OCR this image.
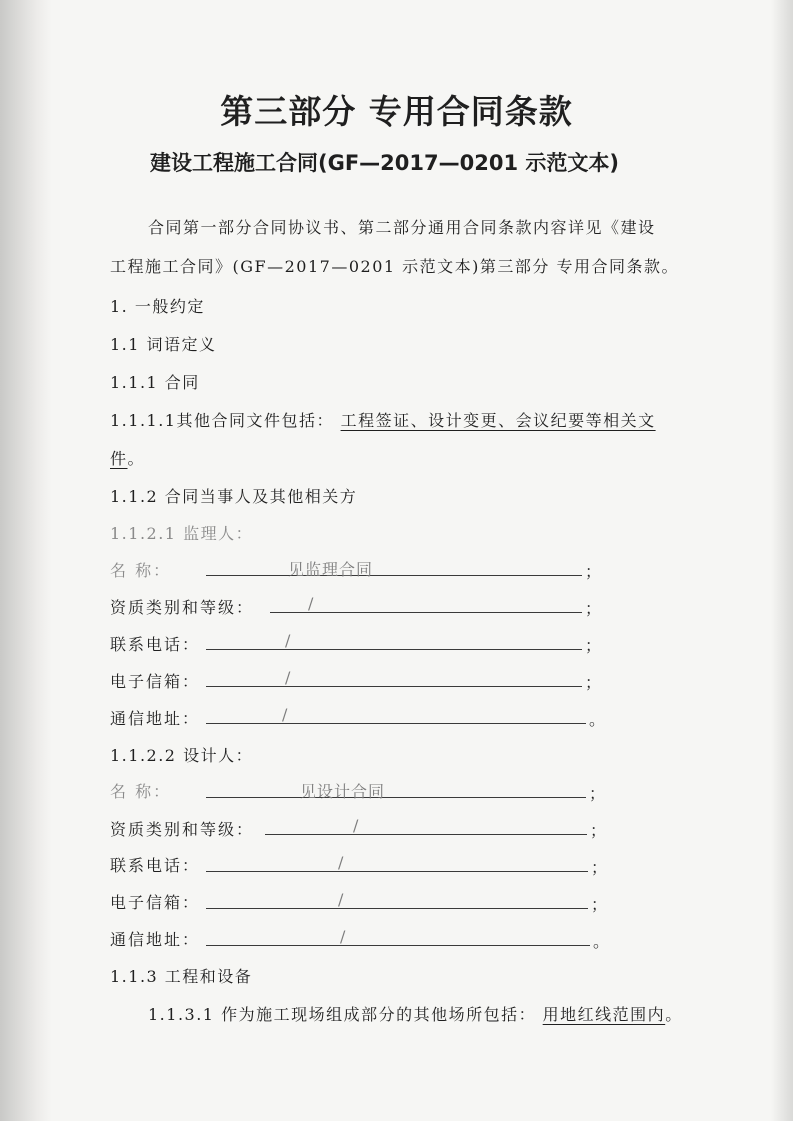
第三部分 专用合同条款
建设工程施工合同(GF—2017—0201 示范文本)
合同第一部分合同协议书、第二部分通用合同条款内容详见《建设
工程施工合同》(GF—2017—0201 示范文本)第三部分 专用合同条款。
1. 一般约定
1.1 词语定义
1.1.1 合同
1.1.1.1其他合同文件包括： 工程签证、设计变更、会议纪要等相关文
件。
1.1.2 合同当事人及其他相关方
1.1.2.1 监理人：
名 称：	见监理合同	；
资质类别和等级：	/	；
联系电话：	/	；
电子信箱：	/	；
通信地址：	/	。
1.1.2.2 设计人：
名 称：	见设计合同	；
资质类别和等级：	/	；
联系电话：	/	；
电子信箱：	/	；
通信地址：	/	。
1.1.3 工程和设备
1.1.3.1 作为施工现场组成部分的其他场所包括： 用地红线范围内。
